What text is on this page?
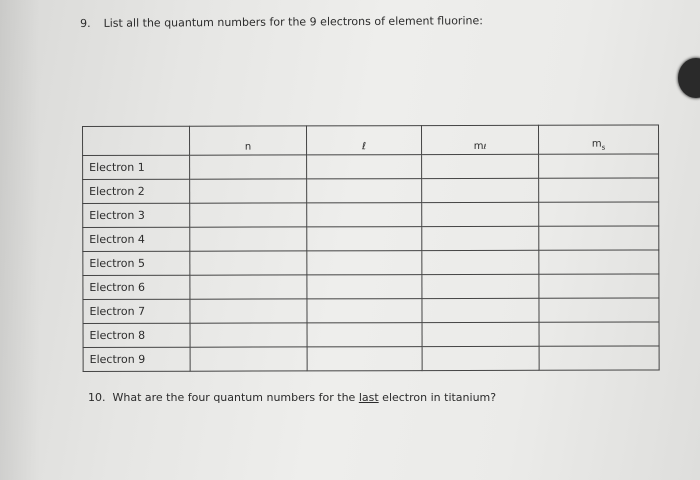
9. List all the quantum numbers for the 9 electrons of element fluorine:
	n	ℓ	mℓ	$m_s$
Electron 1				
Electron 2				
Electron 3				
Electron 4				
Electron 5				
Electron 6				
Electron 7				
Electron 8				
Electron 9				
10. What are the four quantum numbers for the last electron in titanium?
